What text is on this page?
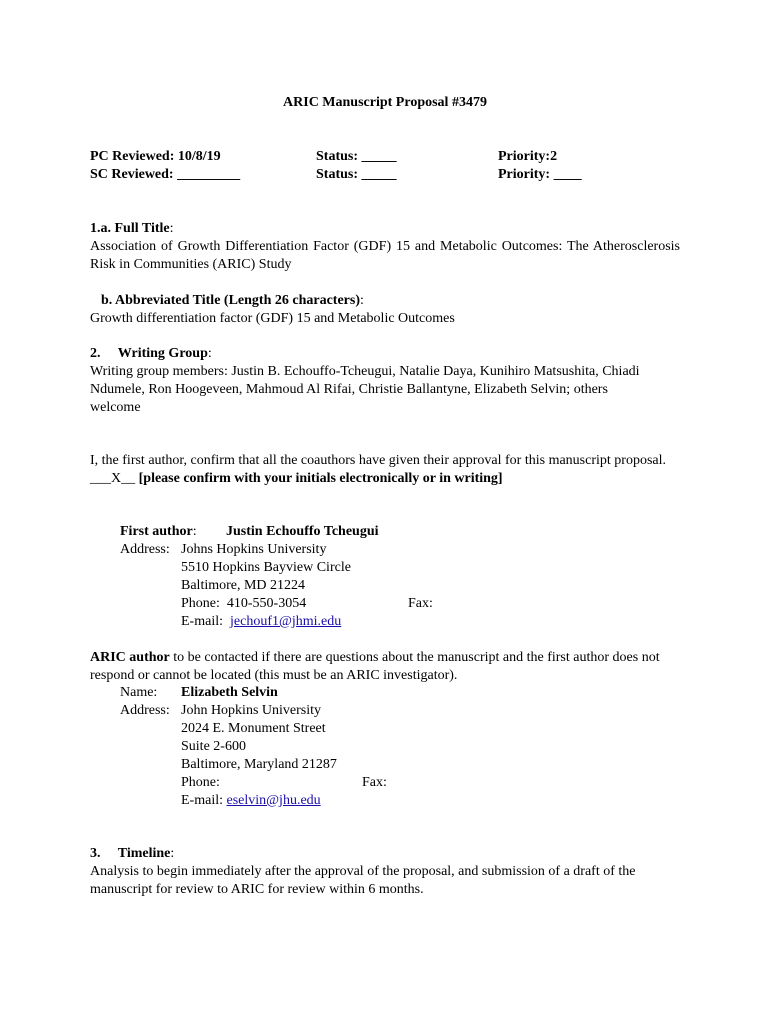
ARIC Manuscript Proposal #3479
PC Reviewed: 10/8/19
SC Reviewed: _________
Status: _____
Status: _____
Priority:2
Priority: ____
1.a. Full Title:
Association of Growth Differentiation Factor (GDF) 15 and Metabolic Outcomes: The Atherosclerosis Risk in Communities (ARIC) Study
b. Abbreviated Title (Length 26 characters):
Growth differentiation factor (GDF) 15 and Metabolic Outcomes
2.     Writing Group:
Writing group members: Justin B. Echouffo-Tcheugui, Natalie Daya, Kunihiro Matsushita, Chiadi Ndumele, Ron Hoogeveen, Mahmoud Al Rifai, Christie Ballantyne, Elizabeth Selvin; others welcome
I, the first author, confirm that all the coauthors have given their approval for this manuscript proposal. ___X__ [please confirm with your initials electronically or in writing]
First author: Justin Echouffo Tcheugui
Address: Johns Hopkins University
5510 Hopkins Bayview Circle
Baltimore, MD 21224
Phone:  410-550-3054	Fax:
E-mail: jechouf1@jhmi.edu
ARIC author to be contacted if there are questions about the manuscript and the first author does not respond or cannot be located (this must be an ARIC investigator).
Name: Elizabeth Selvin
Address: John Hopkins University
2024 E. Monument Street
Suite 2-600
Baltimore, Maryland 21287
Phone:	Fax:
E-mail: eselvin@jhu.edu
3.     Timeline:
Analysis to begin immediately after the approval of the proposal, and submission of a draft of the manuscript for review to ARIC for review within 6 months.
